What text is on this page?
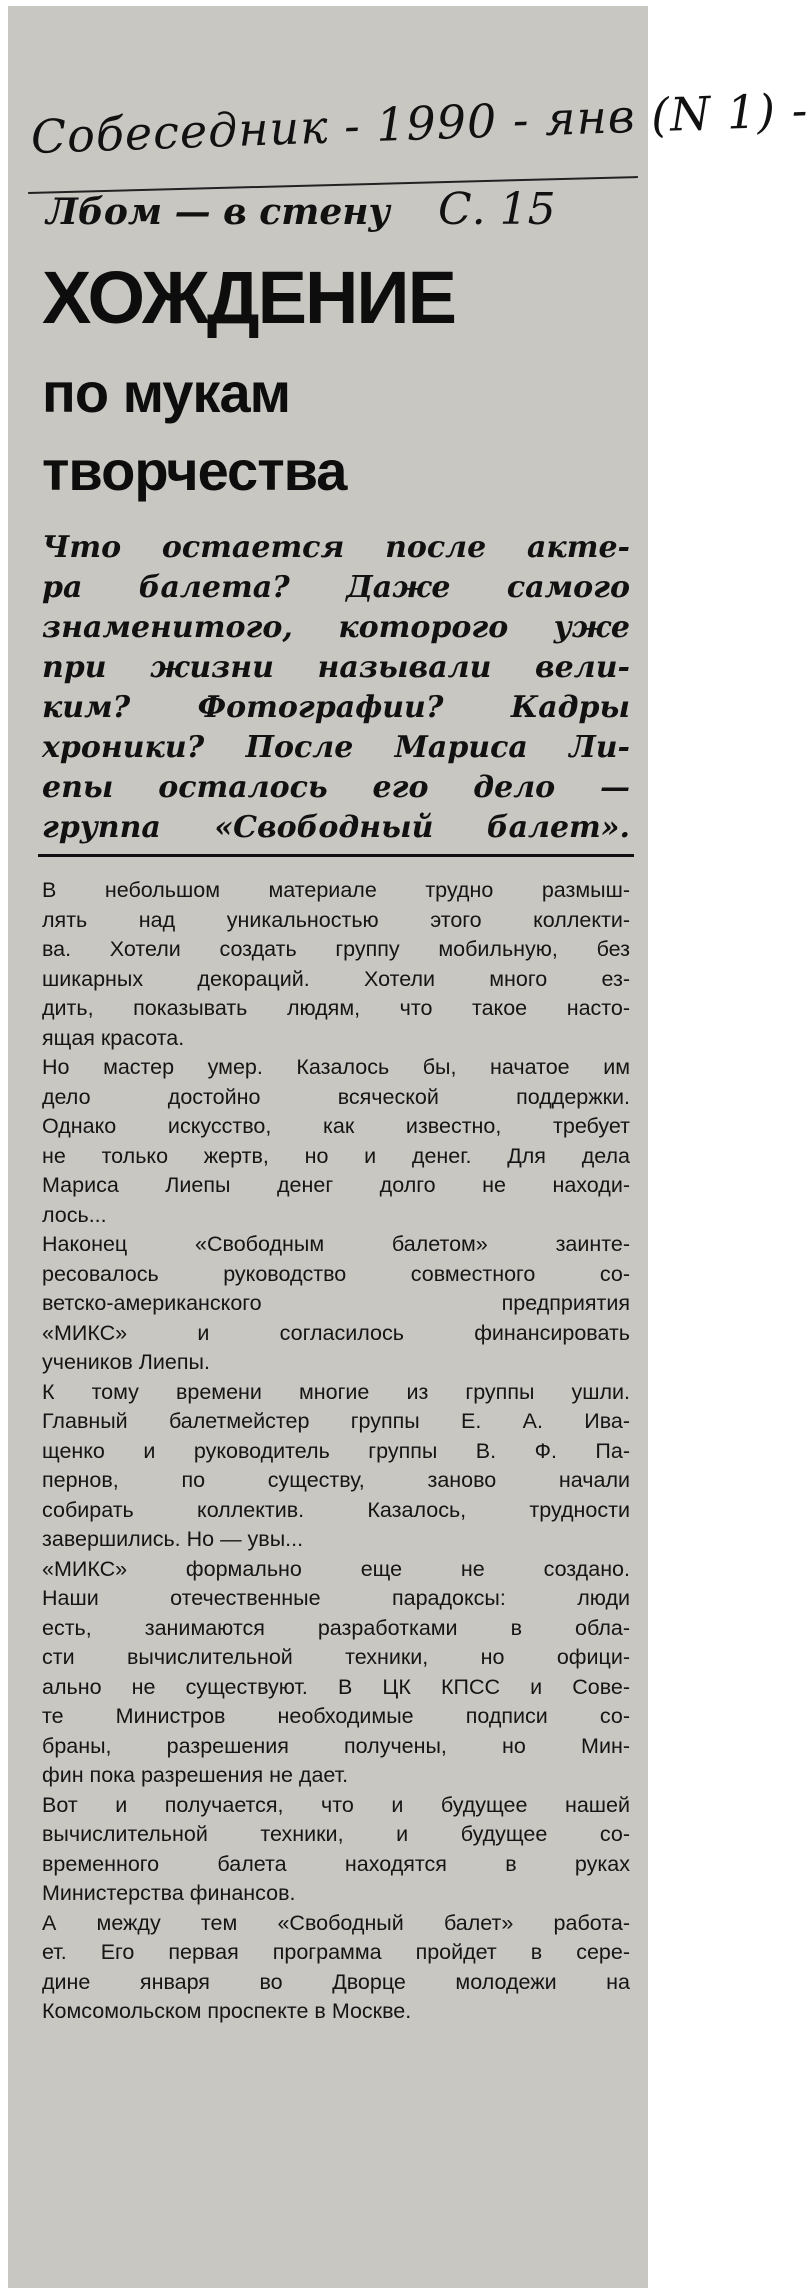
Собеседник - 1990 - янв (N 1) -
Лбом — в стену С. 15
ХОЖДЕНИЕ
по мукам
творчества
Что остается после акте-
ра балета? Даже самого
знаменитого, которого уже
при жизни называли вели-
ким? Фотографии? Кадры
хроники? После Мариса Ли-
епы осталось его дело —
группа «Свободный балет».
В небольшом материале трудно размыш-
лять над уникальностью этого коллекти-
ва. Хотели создать группу мобильную, без
шикарных декораций. Хотели много ез-
дить, показывать людям, что такое насто-
ящая красота.
Но мастер умер. Казалось бы, начатое им
дело достойно всяческой поддержки.
Однако искусство, как известно, требует
не только жертв, но и денег. Для дела
Мариса Лиепы денег долго не находи-
лось...
Наконец «Свободным балетом» заинте-
ресовалось руководство совместного со-
ветско-американского предприятия
«МИКС» и согласилось финансировать
учеников Лиепы.
К тому времени многие из группы ушли.
Главный балетмейстер группы Е. А. Ива-
щенко и руководитель группы В. Ф. Па-
пернов, по существу, заново начали
собирать коллектив. Казалось, трудности
завершились. Но — увы...
«МИКС» формально еще не создано.
Наши отечественные парадоксы: люди
есть, занимаются разработками в обла-
сти вычислительной техники, но офици-
ально не существуют. В ЦК КПСС и Сове-
те Министров необходимые подписи со-
браны, разрешения получены, но Мин-
фин пока разрешения не дает.
Вот и получается, что и будущее нашей
вычислительной техники, и будущее со-
временного балета находятся в руках
Министерства финансов.
А между тем «Свободный балет» работа-
ет. Его первая программа пройдет в сере-
дине января во Дворце молодежи на
Комсомольском проспекте в Москве.
